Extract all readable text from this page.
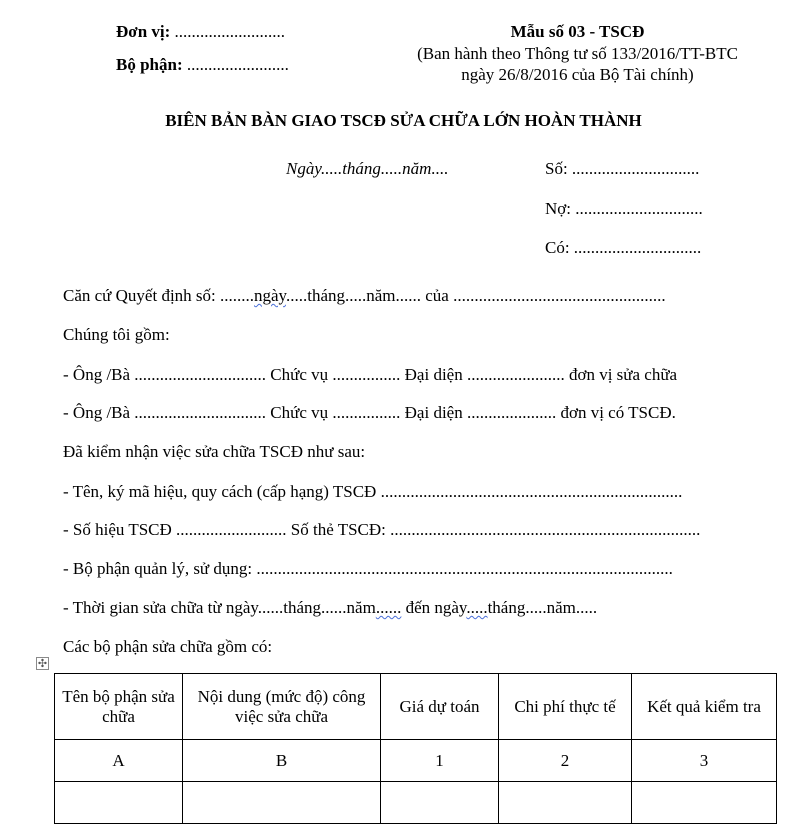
Đơn vị: ..........................
Bộ phận: ........................
Mẫu số 03 - TSCĐ
(Ban hành theo Thông tư số 133/2016/TT-BTC
ngày 26/8/2016 của Bộ Tài chính)
BIÊN BẢN BÀN GIAO TSCĐ SỬA CHỮA LỚN HOÀN THÀNH
Ngày.....tháng.....năm....	Số: ..............................
Nợ: ..............................
Có: ..............................
Căn cứ Quyết định số: ........ngày.....tháng.....năm...... của ..................................................
Chúng tôi gồm:
- Ông /Bà ............................... Chức vụ ................ Đại diện ....................... đơn vị sửa chữa
- Ông /Bà ............................... Chức vụ ................ Đại diện ..................... đơn vị có TSCĐ.
Đã kiểm nhận việc sửa chữa TSCĐ như sau:
- Tên, ký mã hiệu, quy cách (cấp hạng) TSCĐ .......................................................................
- Số hiệu TSCĐ .......................... Số thẻ TSCĐ: .........................................................................
- Bộ phận quản lý, sử dụng: ..................................................................................................
- Thời gian sửa chữa từ ngày......tháng......năm...... đến ngày.....tháng.....năm.....
Các bộ phận sửa chữa gồm có:
✣
Tên bộ phận sửa chữa	Nội dung (mức độ) công việc sửa chữa	Giá dự toán	Chi phí thực tế	Kết quả kiểm tra
A	B	1	2	3
